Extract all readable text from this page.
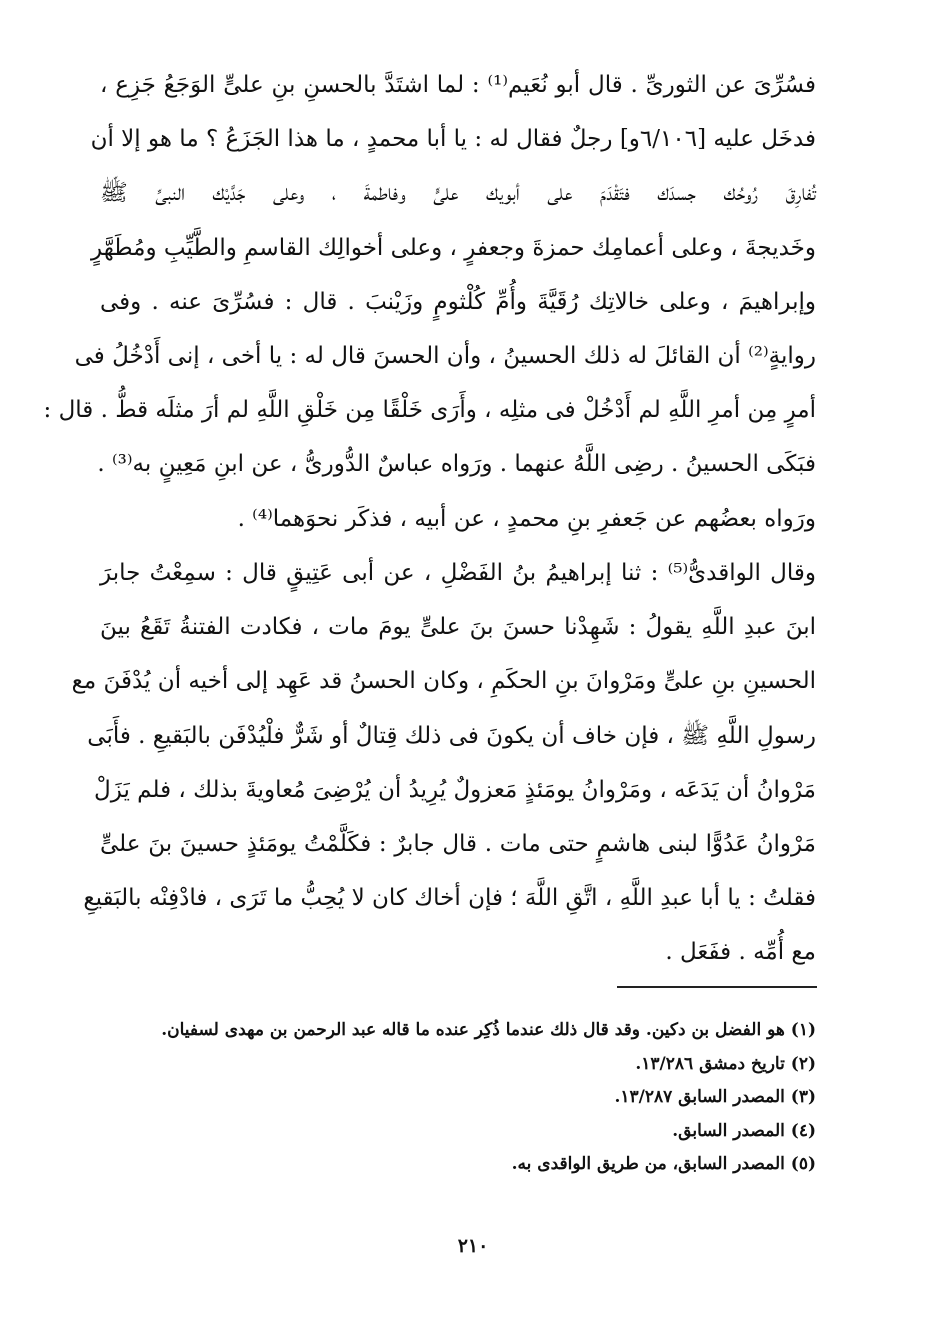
فسُرِّىَ عن الثورىِّ . قال أبو نُعَيم⁽¹⁾ : لما اشتَدَّ بالحسنِ بنِ علىٍّ الوَجَعُ جَزِع ،
فدخَل عليه [٦/١٠٦و] رجلٌ فقال له : يا أبا محمدٍ ، ما هذا الجَزَعُ ؟ ما هو إلا أن
تُفارِقَ رُوحُك جسدَك فتَقْدَمَ على أبويك علىٍّ وفاطمةَ ، وعلى جَدَّيْك النبىِّ ﷺ
وخَديجةَ ، وعلى أعمامِك حمزةَ وجعفرٍ ، وعلى أخوالِك القاسمِ والطَّيِّبِ ومُطَهَّرٍ
وإبراهيمَ ، وعلى خالاتِك رُقَيَّةَ وأُمِّ كُلْثومٍ وزَيْنبَ . قال : فسُرِّىَ عنه . وفى
روايةٍ⁽²⁾ أن القائلَ له ذلك الحسينُ ، وأن الحسنَ قال له : يا أخى ، إنى أَدْخُلُ فى
أمرٍ مِن أمرِ اللَّهِ لم أَدْخُلْ فى مثلِه ، وأَرَى خَلْقًا مِن خَلْقِ اللَّهِ لم أرَ مثلَه قطُّ . قال :
فبَكَى الحسينُ . رضِى اللَّهُ عنهما . ورَواه عباسٌ الدُّورىُّ ، عن ابنِ مَعِينٍ به⁽³⁾ .
ورَواه بعضُهم عن جَعفرِ بنِ محمدٍ ، عن أبيه ، فذكَر نحوَهما⁽⁴⁾ .
وقال الواقدىُّ⁽⁵⁾ : ثنا إبراهيمُ بنُ الفَضْلِ ، عن أبى عَتِيقٍ قال : سمِعْتُ جابرَ
ابنَ عبدِ اللَّهِ يقولُ : شَهِدْنا حسنَ بنَ علىٍّ يومَ مات ، فكادت الفتنةُ تَقَعُ بينَ
الحسينِ بنِ علىٍّ ومَرْوانَ بنِ الحكَمِ ، وكان الحسنُ قد عَهِد إلى أخيه أن يُدْفَنَ مع
رسولِ اللَّهِ ﷺ ، فإن خاف أن يكونَ فى ذلك قِتالٌ أو شَرٌّ فلْيُدْفَن بالبَقيعِ . فأَبَى
مَرْوانُ أن يَدَعَه ، ومَرْوانُ يومَئذٍ مَعزولٌ يُرِيدُ أن يُرْضِىَ مُعاويةَ بذلك ، فلم يَزَلْ
مَرْوانُ عَدُوًّا لبنى هاشمٍ حتى مات . قال جابرٌ : فكَلَّمْتُ يومَئذٍ حسينَ بنَ علىٍّ
فقلتُ : يا أبا عبدِ اللَّهِ ، اتَّقِ اللَّهَ ؛ فإن أخاك كان لا يُحِبُّ ما تَرَى ، فادْفِنْه بالبَقيعِ
مع أُمِّه . ففَعَل .
(١) هو الفضل بن دكين. وقد قال ذلك عندما ذُكِر عنده ما قاله عبد الرحمن بن مهدى لسفيان.
(٢) تاريخ دمشق ١٣/٢٨٦.
(٣) المصدر السابق ١٣/٢٨٧.
(٤) المصدر السابق.
(٥) المصدر السابق، من طريق الواقدى به.
٢١٠
